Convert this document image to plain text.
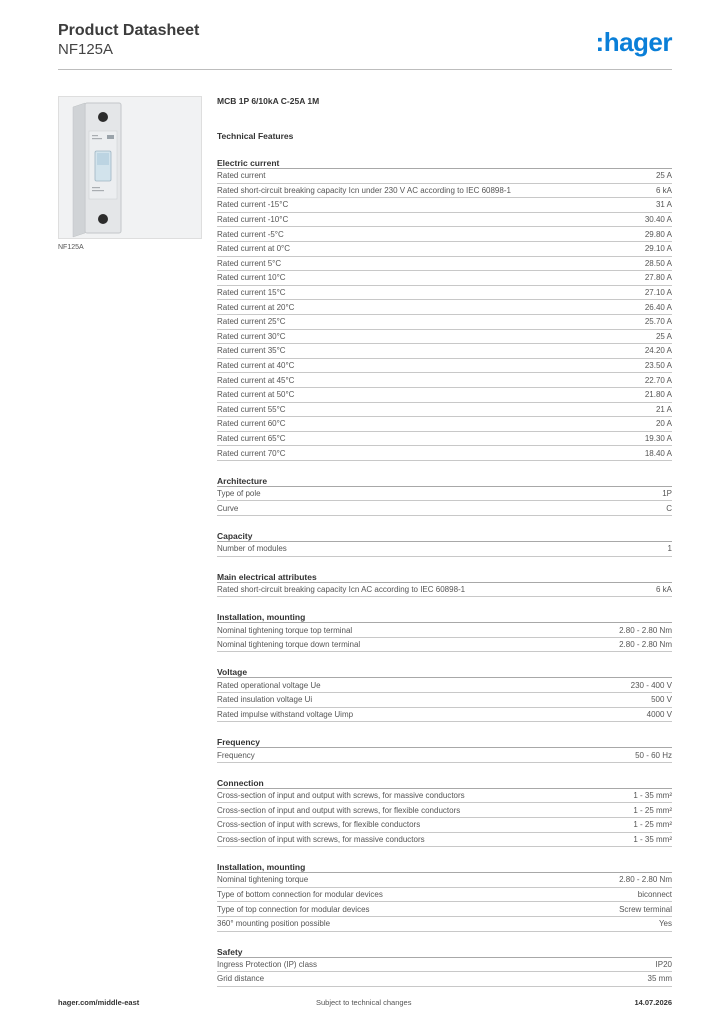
Product Datasheet
NF125A	:hager
NF125A
MCB 1P 6/10kA C-25A 1M
Technical Features
Electric current
Rated current	25 A
Rated short-circuit breaking capacity Icn under 230 V AC according to IEC 60898-1	6 kA
Rated current -15°C	31 A
Rated current -10°C	30.40 A
Rated current -5°C	29.80 A
Rated current at 0°C	29.10 A
Rated current 5°C	28.50 A
Rated current 10°C	27.80 A
Rated current 15°C	27.10 A
Rated current at 20°C	26.40 A
Rated current 25°C	25.70 A
Rated current 30°C	25 A
Rated current 35°C	24.20 A
Rated current at 40°C	23.50 A
Rated current at 45°C	22.70 A
Rated current at 50°C	21.80 A
Rated current 55°C	21 A
Rated current 60°C	20 A
Rated current 65°C	19.30 A
Rated current 70°C	18.40 A
Architecture
Type of pole	1P
Curve	C
Capacity
Number of modules	1
Main electrical attributes
Rated short-circuit breaking capacity Icn AC according to IEC 60898-1	6 kA
Installation, mounting
Nominal tightening torque top terminal	2.80 - 2.80 Nm
Nominal tightening torque down terminal	2.80 - 2.80 Nm
Voltage
Rated operational voltage Ue	230 - 400 V
Rated insulation voltage Ui	500 V
Rated impulse withstand voltage Uimp	4000 V
Frequency
Frequency	50 - 60 Hz
Connection
Cross-section of input and output with screws, for massive conductors	1 - 35 mm²
Cross-section of input and output with screws, for flexible conductors	1 - 25 mm²
Cross-section of input with screws, for flexible conductors	1 - 25 mm²
Cross-section of input with screws, for massive conductors	1 - 35 mm²
Installation, mounting
Nominal tightening torque	2.80 - 2.80 Nm
Type of bottom connection for modular devices	biconnect
Type of top connection for modular devices	Screw terminal
360° mounting position possible	Yes
Safety
Ingress Protection (IP) class	IP20
Grid distance	35 mm
hager.com/middle-east	Subject to technical changes	14.07.2026
